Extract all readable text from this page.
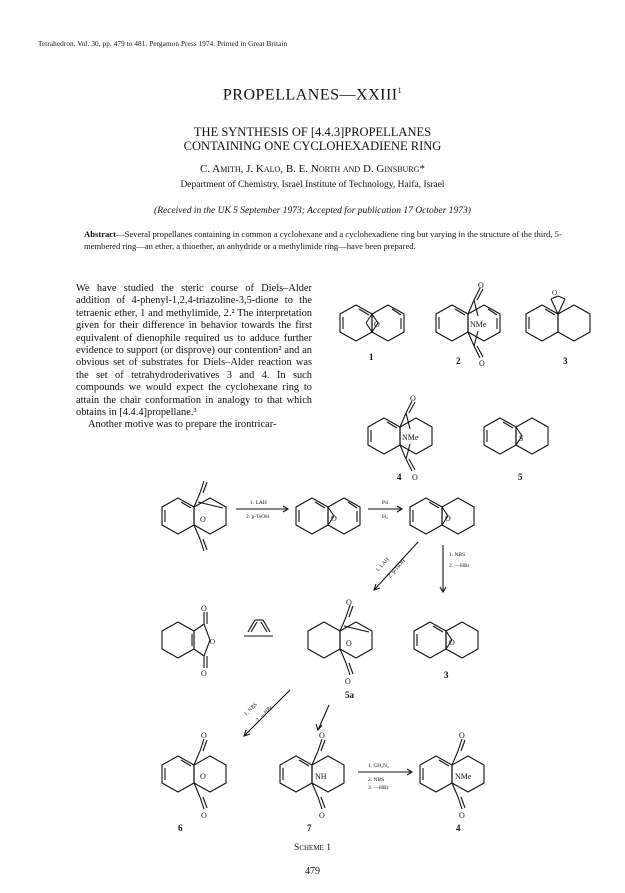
Tetrahedron. Vol. 30, pp. 479 to 481. Pergamon Press 1974. Printed in Great Britain
PROPELLANES—XXIII$^1$
THE SYNTHESIS OF [4.4.3]PROPELLANES
CONTAINING ONE CYCLOHEXADIENE RING
C. Amith, J. Kalo, B. E. North and D. Ginsburg*
Department of Chemistry, Israel Institute of Technology, Haifa, Israel
(Received in the UK 5 September 1973; Accepted for publication 17 October 1973)
Abstract—Several propellanes containing in common a cyclohexane and a cyclohexadiene ring but varying in the structure of the third, 5-membered ring—an ether, a thioether, an anhydride or a methylimide ring—have been prepared.

We have studied the steric course of Diels–Alder addition of 4-phenyl-1,2,4-triazoline-3,5-dione to the tetraenic ether, 1 and methylimide, 2.² The interpretation given for their difference in behavior towards the first equivalent of dienophile required us to adduce further evidence to support (or disprove) our contention² and an obvious set of substrates for Diels–Alder reaction was the set of tetrahydroderivatives 3 and 4. In such compounds we would expect the cyclohexane ring to attain the chair conformation in analogy to that which obtains in [4.4.4]propellane.³

Another motive was to prepare the irontricar-

O
1
O
O
NMe
2
O
3
O
O
NMe
4
S
5
O
1. LAH
2. p-TsOH	O
Pd
H₂	O
1. NBS
2. —HBr
1. LAH
2. p-TsOH
O
O
O
O
O
O
5a
O
3
1. NBS
2. —HBr
O
O
O
6
O
NH
O
7
1. CH₂N₂
2. NBS
3. —HBr
O
NMe
O
4
Scheme 1
479
